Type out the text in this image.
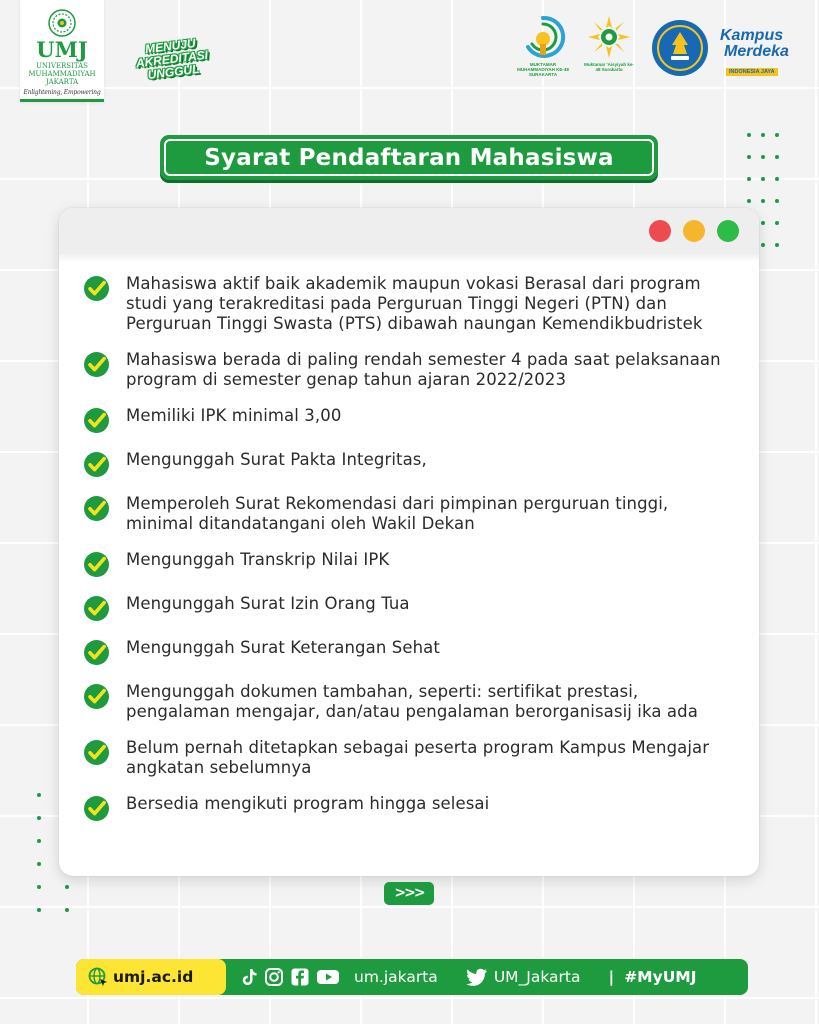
UMJ
UNIVERSITAS MUHAMMADIYAH JAKARTA
Enlightening, Empowering
MENUJU AKREDITASI UNGGUL	MUKTAMAR MUHAMMADIYAH KE-48 SURAKARTA
Muktamar 'Aisyiyah ke-48 Surakarta
Kampus
Merdeka
INDONESIA JAYA
Syarat Pendaftaran Mahasiswa
Mahasiswa aktif baik akademik maupun vokasi Berasal dari program studi yang terakreditasi pada Perguruan Tinggi Negeri (PTN) dan Perguruan Tinggi Swasta (PTS) dibawah naungan Kemendikbudristek
Mahasiswa berada di paling rendah semester 4 pada saat pelaksanaan program di semester genap tahun ajaran 2022/2023
Memiliki IPK minimal 3,00
Mengunggah Surat Pakta Integritas,
Memperoleh Surat Rekomendasi dari pimpinan perguruan tinggi, minimal ditandatangani oleh Wakil Dekan
Mengunggah Transkrip Nilai IPK
Mengunggah Surat Izin Orang Tua
Mengunggah Surat Keterangan Sehat
Mengunggah dokumen tambahan, seperti: sertifikat prestasi, pengalaman mengajar, dan/atau pengalaman berorganisasij ika ada
Belum pernah ditetapkan sebagai peserta program Kampus Mengajar angkatan sebelumnya
Bersedia mengikuti program hingga selesai
>>>
umj.ac.id	um.jakarta	UM_Jakarta | #MyUMJ
